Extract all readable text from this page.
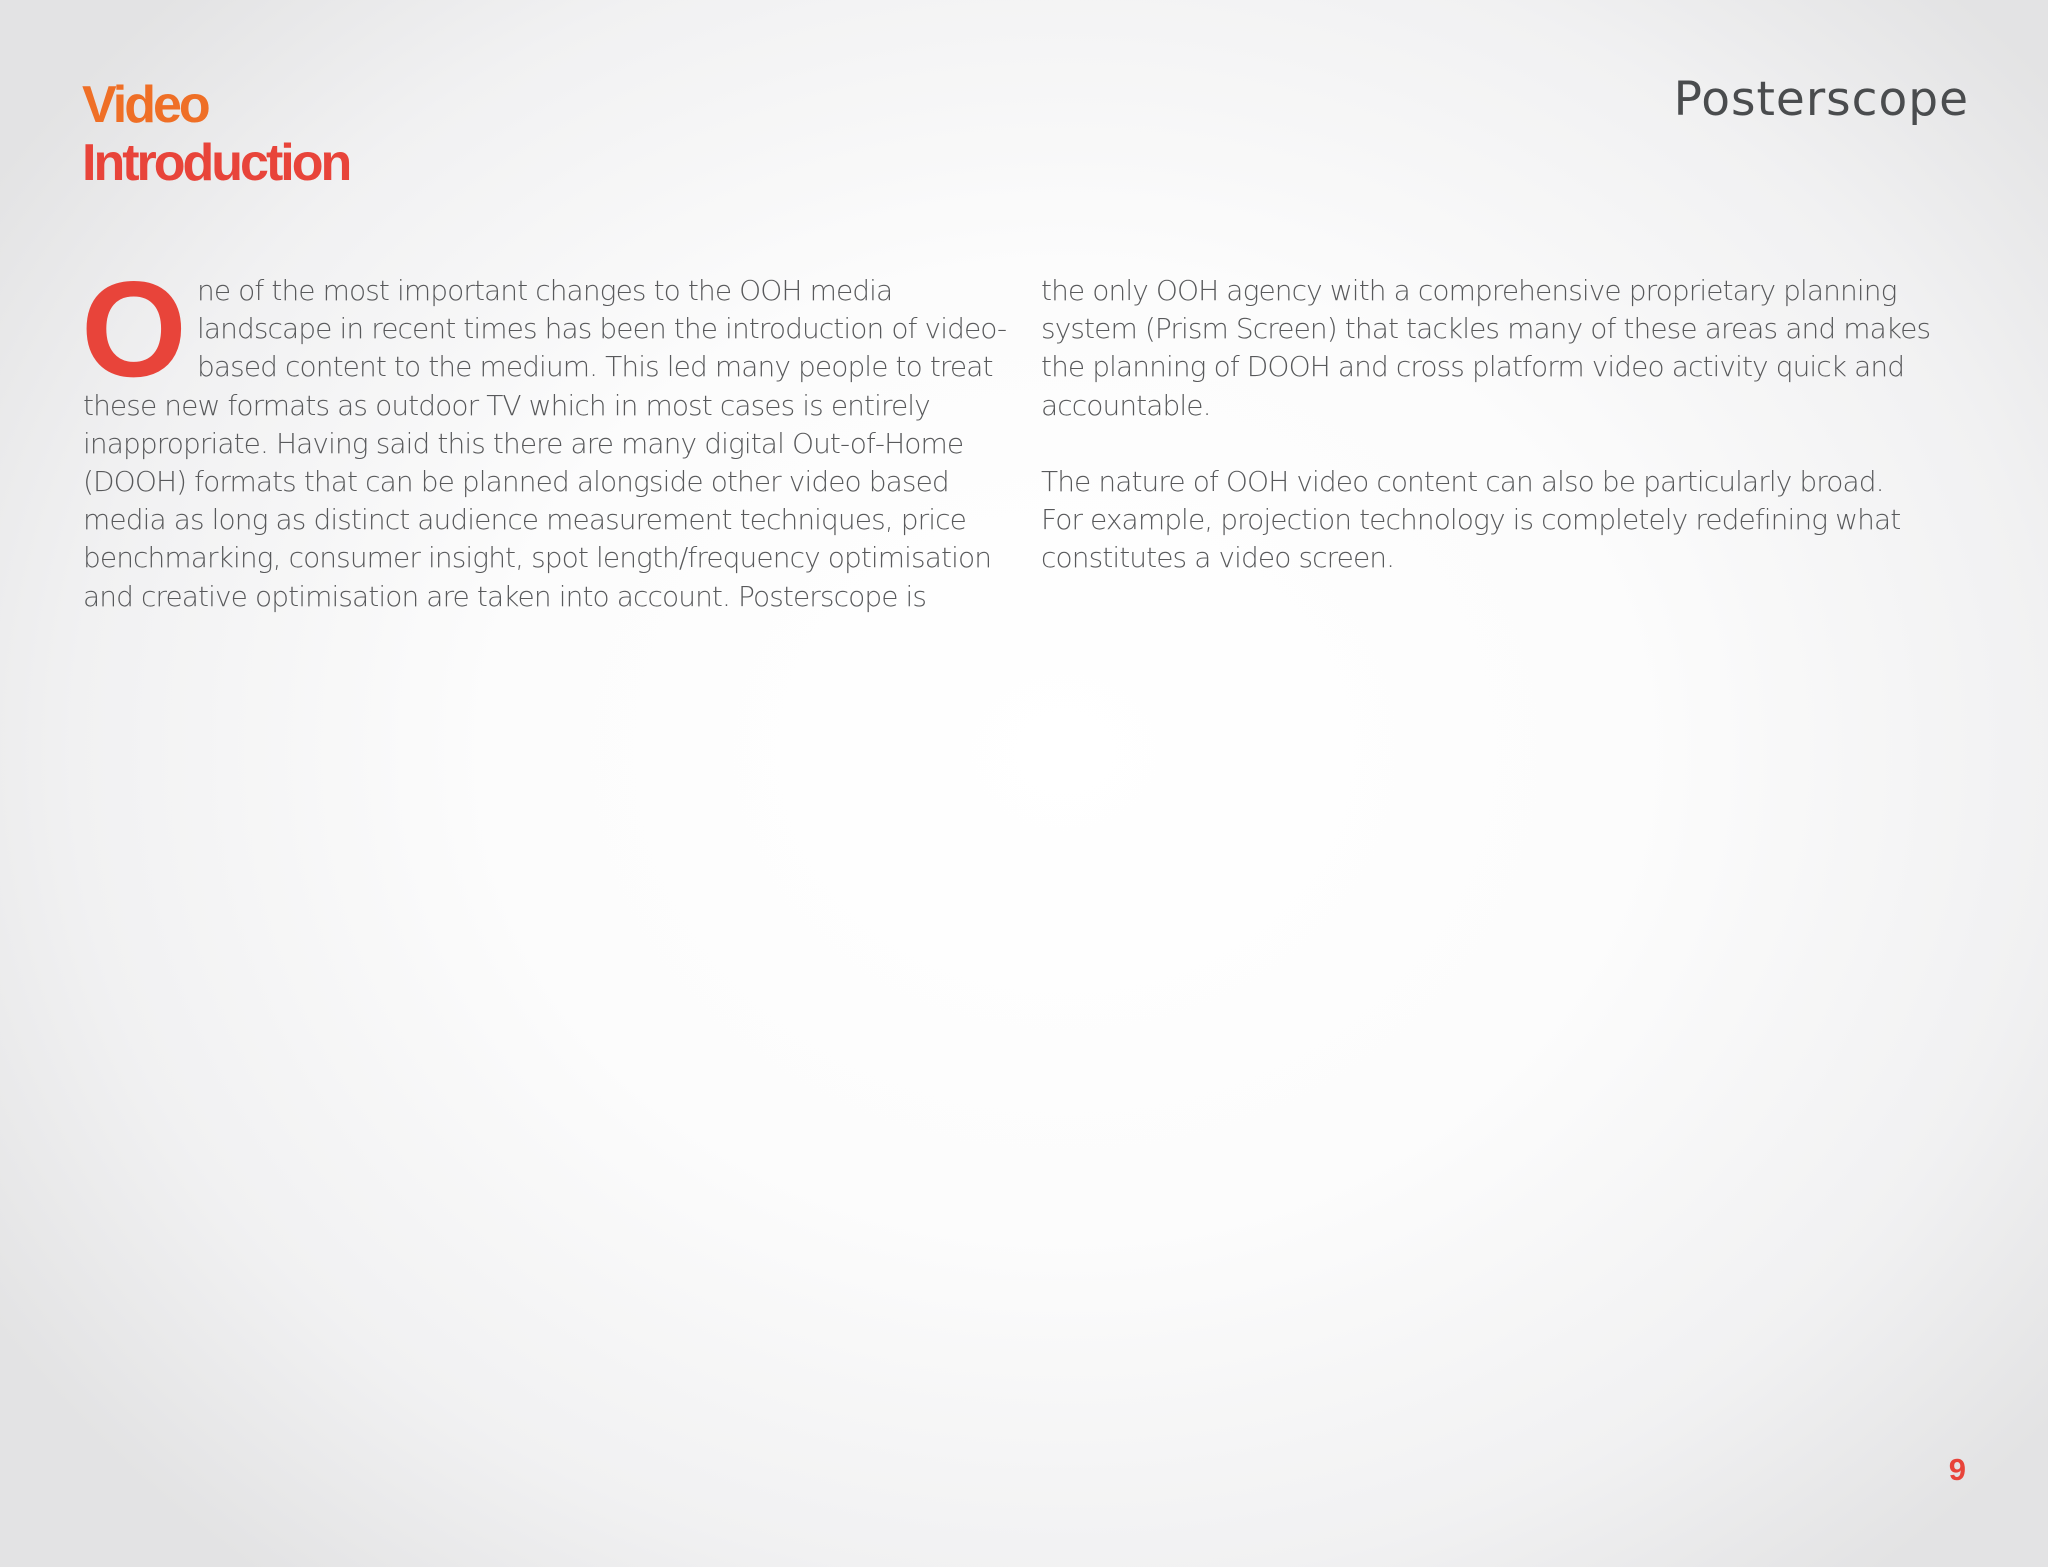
Video
Introduction
Posterscope

O ne of the most important changes to the OOH media
landscape in recent times has been the introduction of video-
based content to the medium. This led many people to treat
these new formats as outdoor TV which in most cases is entirely
inappropriate. Having said this there are many digital Out-of-Home
(DOOH) formats that can be planned alongside other video based
media as long as distinct audience measurement techniques, price
benchmarking, consumer insight, spot length/frequency optimisation
and creative optimisation are taken into account. Posterscope is

the only OOH agency with a comprehensive proprietary planning
system (Prism Screen) that tackles many of these areas and makes
the planning of DOOH and cross platform video activity quick and
accountable.

The nature of OOH video content can also be particularly broad.
For example, projection technology is completely redefining what
constitutes a video screen.

9
